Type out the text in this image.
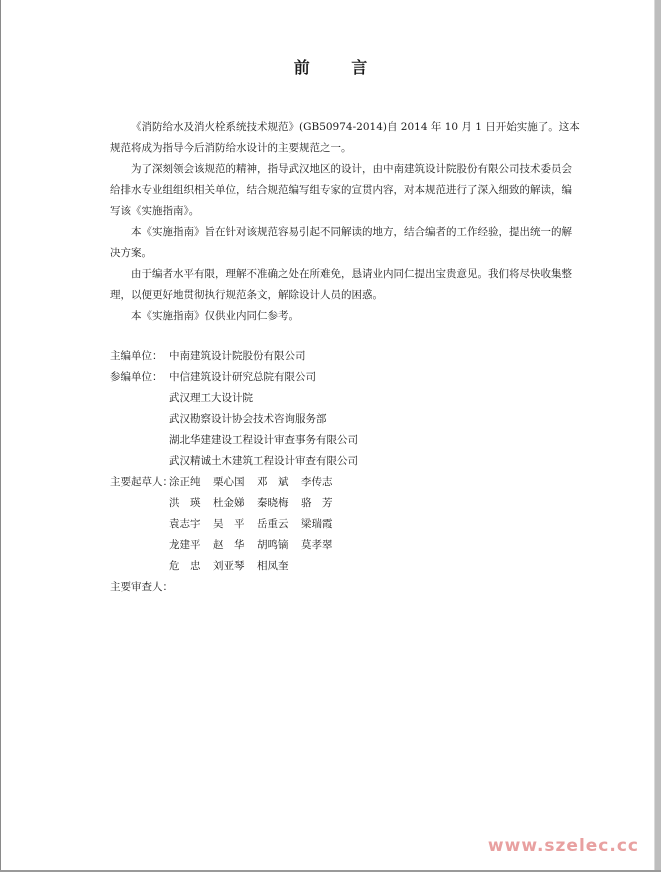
前 言

《消防给水及消火栓系统技术规范》(GB50974-2014)自 2014 年 10 月 1 日开始实施了。这本规范将成为指导今后消防给水设计的主要规范之一。

为了深刻领会该规范的精神，指导武汉地区的设计，由中南建筑设计院股份有限公司技术委员会给排水专业组组织相关单位，结合规范编写组专家的宣贯内容，对本规范进行了深入细致的解读，编写该《实施指南》。

本《实施指南》旨在针对该规范容易引起不同解读的地方，结合编者的工作经验，提出统一的解决方案。

由于编者水平有限，理解不准确之处在所难免，恳请业内同仁提出宝贵意见。我们将尽快收集整理，以便更好地贯彻执行规范条文，解除设计人员的困惑。

本《实施指南》仅供业内同仁参考。

主编单位： 中南建筑设计院股份有限公司
参编单位： 中信建筑设计研究总院有限公司
武汉理工大设计院
武汉勘察设计协会技术咨询服务部
湖北华建建设工程设计审查事务有限公司
武汉精诚土木建筑工程设计审查有限公司
主要起草人：
涂正纯	栗心国	邓　斌	李传志
洪　瑛	杜金娣	秦晓梅	骆　芳
袁志宇	吴　平	岳重云	梁瑞霞
龙建平	赵　华	胡鸣镝	莫孝翠
危　忠	刘亚琴	相凤奎
主要审查人：
www.szelec.cc
